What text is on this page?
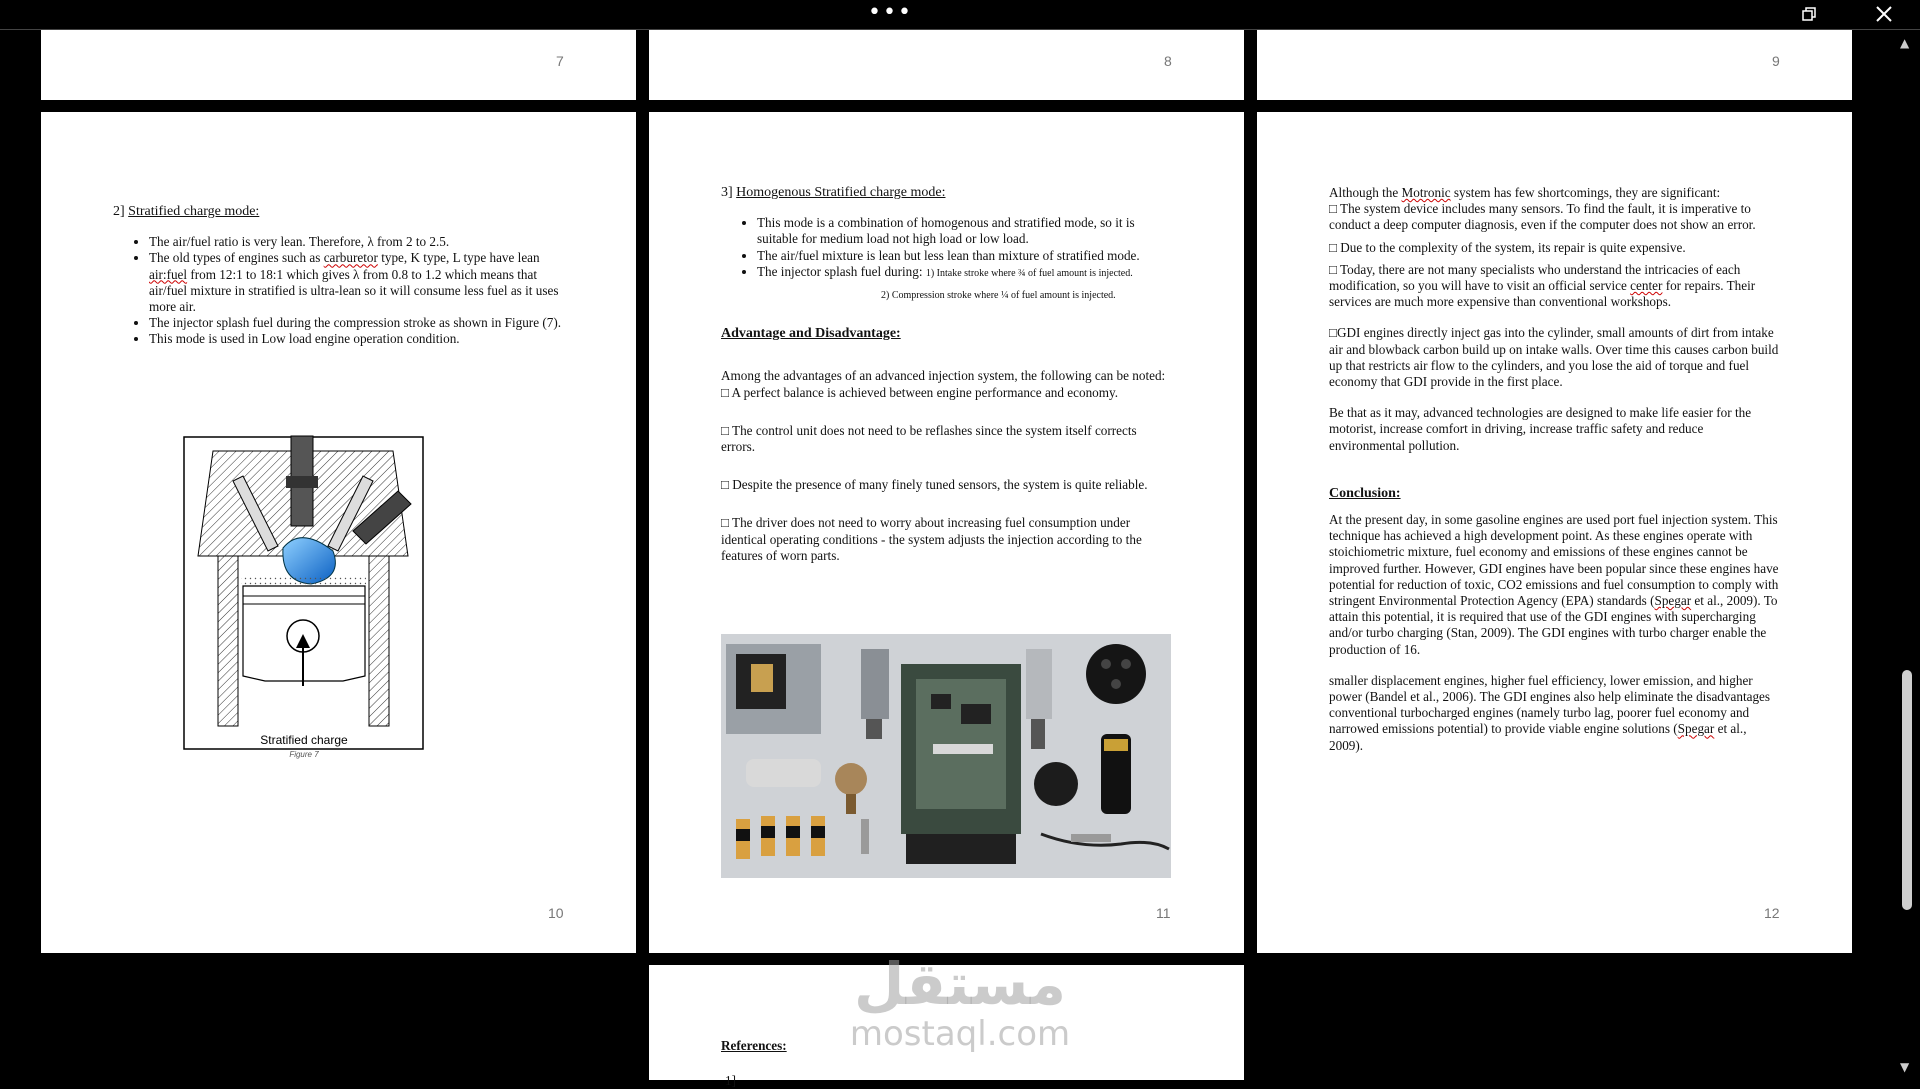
•••
7	8	9
2] Stratified charge mode:
• The air/fuel ratio is very lean. Therefore, λ from 2 to 2.5.
• The old types of engines such as carburetor type, K type, L type have lean air:fuel from 12:1 to 18:1 which gives λ from 0.8 to 1.2 which means that air/fuel mixture in stratified is ultra-lean so it will consume less fuel as it uses more air.
• The injector splash fuel during the compression stroke as shown in Figure (7).
• This mode is used in Low load engine operation condition.
Stratified charge
Figure 7
10
3] Homogenous Stratified charge mode:
• This mode is a combination of homogenous and stratified mode, so it is suitable for medium load not high load or low load.
• The air/fuel mixture is lean but less lean than mixture of stratified mode.
• The injector splash fuel during: 1) Intake stroke where ¾ of fuel amount is injected.

2) Compression stroke where ¼ of fuel amount is injected.

Advantage and Disadvantage:

Among the advantages of an advanced injection system, the following can be noted:

□ A perfect balance is achieved between engine performance and economy.

□ The control unit does not need to be reflashes since the system itself corrects errors.

□ Despite the presence of many finely tuned sensors, the system is quite reliable.

□ The driver does not need to worry about increasing fuel consumption under identical operating conditions - the system adjusts the injection according to the features of worn parts.

11

Although the Motronic system has few shortcomings, they are significant:

□ The system device includes many sensors. To find the fault, it is imperative to conduct a deep computer diagnosis, even if the computer does not show an error.

□ Due to the complexity of the system, its repair is quite expensive.

□ Today, there are not many specialists who understand the intricacies of each modification, so you will have to visit an official service center for repairs. Their services are much more expensive than conventional workshops.

□GDI engines directly inject gas into the cylinder, small amounts of dirt from intake air and blowback carbon build up on intake walls. Over time this causes carbon build up that restricts air flow to the cylinders, and you lose the aid of torque and fuel economy that GDI provide in the first place.

Be that as it may, advanced technologies are designed to make life easier for the motorist, increase comfort in driving, increase traffic safety and reduce environmental pollution.

Conclusion:

At the present day, in some gasoline engines are used port fuel injection system. This technique has achieved a high development point. As these engines operate with stoichiometric mixture, fuel economy and emissions of these engines cannot be improved further. However, GDI engines have been popular since these engines have potential for reduction of toxic, CO2 emissions and fuel consumption to comply with stringent Environmental Protection Agency (EPA) standards (Spegar et al., 2009). To attain this potential, it is required that use of the GDI engines with supercharging and/or turbo charging (Stan, 2009). The GDI engines with turbo charger enable the production of 16.

smaller displacement engines, higher fuel efficiency, lower emission, and higher power (Bandel et al., 2006). The GDI engines also help eliminate the disadvantages conventional turbocharged engines (namely turbo lag, poorer fuel economy and narrowed emissions potential) to provide viable engine solutions (Spegar et al., 2009).

12
References:
1]
مستقل
mostaql.com
▲
▼
